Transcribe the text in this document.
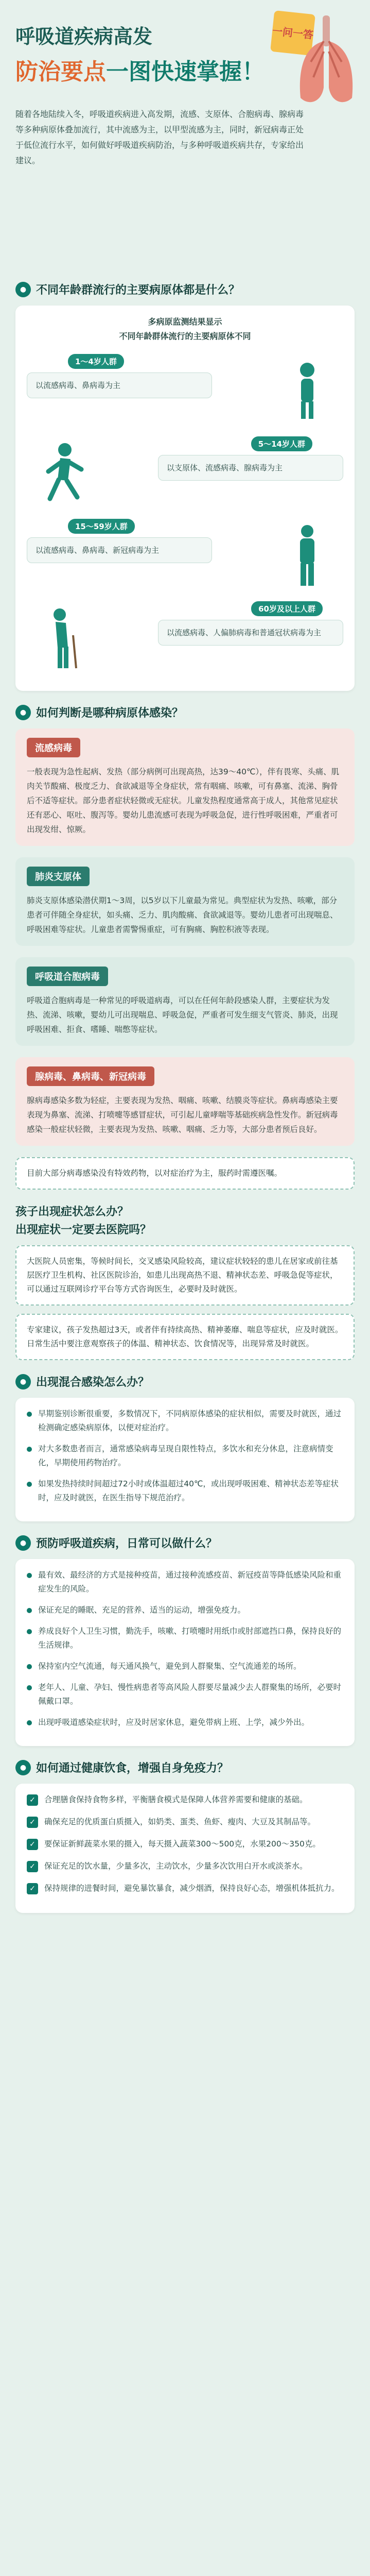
一问一答
呼吸道疾病高发
防治要点一图快速掌握！

随着各地陆续入冬，呼吸道疾病进入高发期，流感、支原体、合胞病毒、腺病毒等多种病原体叠加流行，其中流感为主，以甲型流感为主，同时，新冠病毒正处于低位流行水平，如何做好呼吸道疾病防治，与多种呼吸道疾病共存，专家给出建议。

● 不同年龄群流行的主要病原体都是什么？

多病原监测结果显示
不同年龄群体流行的主要病原体不同

1～4岁人群
以流感病毒、鼻病毒为主
5～14岁人群
以支原体、流感病毒、腺病毒为主
15～59岁人群
以流感病毒、鼻病毒、新冠病毒为主
60岁及以上人群
以流感病毒、人偏肺病毒和普通冠状病毒为主
● 如何判断是哪种病原体感染？
流感病毒

一般表现为急性起病、发热（部分病例可出现高热，达39～40℃），伴有畏寒、头痛、肌肉关节酸痛、极度乏力、食欲减退等全身症状，常有咽痛、咳嗽，可有鼻塞、流涕、胸骨后不适等症状。部分患者症状轻微或无症状。儿童发热程度通常高于成人，其他常见症状还有恶心、呕吐、腹泻等。婴幼儿患流感可表现为呼吸急促，进行性呼吸困难，严重者可出现发绀、惊厥。

肺炎支原体

肺炎支原体感染潜伏期1～3周，以5岁以下儿童最为常见。典型症状为发热、咳嗽，部分患者可伴随全身症状，如头痛、乏力、肌肉酸痛、食欲减退等。婴幼儿患者可出现喘息、呼吸困难等症状。儿童患者需警惕重症，可有胸痛、胸腔积液等表现。

呼吸道合胞病毒

呼吸道合胞病毒是一种常见的呼吸道病毒，可以在任何年龄段感染人群，主要症状为发热、流涕、咳嗽，婴幼儿可出现喘息、呼吸急促，严重者可发生细支气管炎、肺炎，出现呼吸困难、拒食、嗜睡、喘憋等症状。

腺病毒、鼻病毒、新冠病毒

腺病毒感染多数为轻症，主要表现为发热、咽痛、咳嗽、结膜炎等症状。鼻病毒感染主要表现为鼻塞、流涕、打喷嚏等感冒症状，可引起儿童哮喘等基础疾病急性发作。新冠病毒感染一般症状轻微，主要表现为发热、咳嗽、咽痛、乏力等，大部分患者预后良好。

目前大部分病毒感染没有特效药物，以对症治疗为主，服药时需遵医嘱。

孩子出现症状怎么办？
出现症状一定要去医院吗？

大医院人员密集，等候时间长，交叉感染风险较高，建议症状较轻的患儿在居家或前往基层医疗卫生机构、社区医院诊治，如患儿出现高热不退、精神状态差、呼吸急促等症状，可以通过互联网诊疗平台等方式咨询医生，必要时及时就医。

专家建议，孩子发热超过3天，或者伴有持续高热、精神萎靡、喘息等症状，应及时就医。日常生活中要注意观察孩子的体温、精神状态、饮食情况等，出现异常及时就医。

● 出现混合感染怎么办？

早期鉴别诊断很重要，多数情况下，不同病原体感染的症状相似，需要及时就医，通过检测确定感染病原体，以便对症治疗。

对大多数患者而言，通常感染病毒呈现自限性特点，多饮水和充分休息，注意病情变化，早期使用药物治疗。

如果发热持续时间超过72小时或体温超过40℃，或出现呼吸困难、精神状态差等症状时，应及时就医，在医生指导下规范治疗。

● 预防呼吸道疾病，日常可以做什么？

最有效、最经济的方式是接种疫苗，通过接种流感疫苗、新冠疫苗等降低感染风险和重症发生的风险。

保证充足的睡眠、充足的营养、适当的运动，增强免疫力。

养成良好个人卫生习惯，勤洗手，咳嗽、打喷嚏时用纸巾或肘部遮挡口鼻，保持良好的生活规律。

保持室内空气流通，每天通风换气，避免到人群聚集、空气流通差的场所。

老年人、儿童、孕妇、慢性病患者等高风险人群要尽量减少去人群聚集的场所，必要时佩戴口罩。

出现呼吸道感染症状时，应及时居家休息，避免带病上班、上学，减少外出。

● 如何通过健康饮食，增强自身免疫力？
✓	合理膳食保持食物多样，平衡膳食模式是保障人体营养需要和健康的基础。

✓	确保充足的优质蛋白质摄入，如奶类、蛋类、鱼虾、瘦肉、大豆及其制品等。

✓	要保证新鲜蔬菜水果的摄入，每天摄入蔬菜300～500克，水果200～350克。

✓	保证充足的饮水量，少量多次，主动饮水，少量多次饮用白开水或淡茶水。

✓	保持规律的进餐时间，避免暴饮暴食，减少烟酒，保持良好心态，增强机体抵抗力。
